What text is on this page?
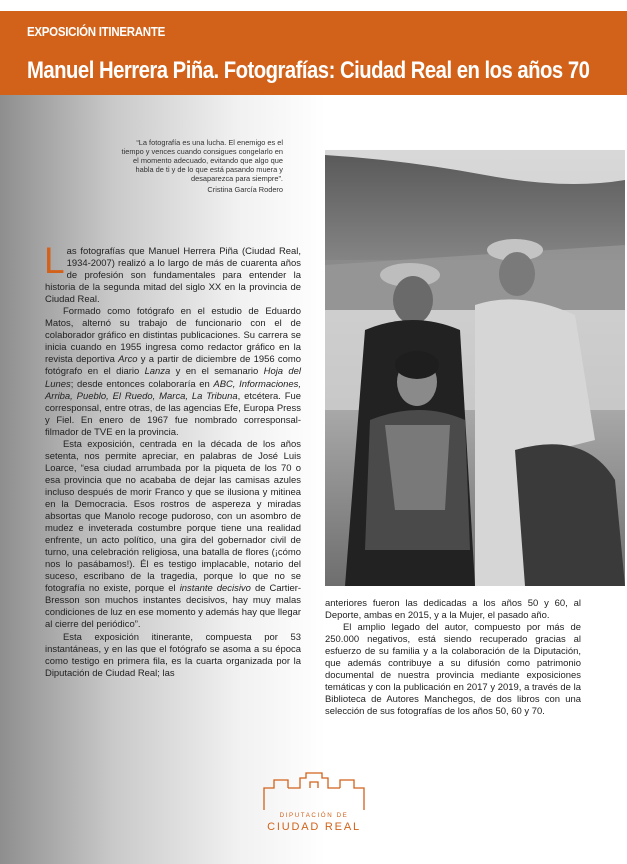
EXPOSICIÓN ITINERANTE
Manuel Herrera Piña. Fotografías: Ciudad Real en los años 70
“La fotografía es una lucha. El enemigo es el tiempo y vences cuando consigues congelarlo en el momento adecuado, evitando que algo que habla de ti y de lo que está pasando muera y desaparezca para siempre”.
Cristina García Rodero

Las fotografías que Manuel Herrera Piña (Ciudad Real, 1934-2007) realizó a lo largo de más de cuarenta años de profesión son fundamentales para entender la historia de la segunda mitad del siglo XX en la provincia de Ciudad Real.

Formado como fotógrafo en el estudio de Eduardo Matos, alternó su trabajo de funcionario con el de colaborador gráfico en distintas publicaciones. Su carrera se inicia cuando en 1955 ingresa como redactor gráfico en la revista deportiva Arco y a partir de diciembre de 1956 como fotógrafo en el diario Lanza y en el semanario Hoja del Lunes; desde entonces colaboraría en ABC, Informaciones, Arriba, Pueblo, El Ruedo, Marca, La Tribuna, etcétera. Fue corresponsal, entre otras, de las agencias Efe, Europa Press y Fiel. En enero de 1967 fue nombrado corresponsal-filmador de TVE en la provincia.

Esta exposición, centrada en la década de los años setenta, nos permite apreciar, en palabras de José Luis Loarce, “esa ciudad arrumbada por la piqueta de los 70 o esa provincia que no acababa de dejar las camisas azules incluso después de morir Franco y que se ilusiona y mitinea en la Democracia. Esos rostros de aspereza y miradas absortas que Manolo recoge pudoroso, con un asombro de mudez e inveterada costumbre porque tiene una realidad enfrente, un acto político, una gira del gobernador civil de turno, una celebración religiosa, una batalla de flores (¡cómo nos lo pasábamos!). Él es testigo implacable, notario del suceso, escribano de la tragedia, porque lo que no se fotografía no existe, porque el instante decisivo de Cartier-Bresson son muchos instantes decisivos, hay muy malas condiciones de luz en ese momento y además hay que llegar al cierre del periódico”.

Esta exposición itinerante, compuesta por 53 instantáneas, y en las que el fotógrafo se asoma a su época como testigo en primera fila, es la cuarta organizada por la Diputación de Ciudad Real; las

anteriores fueron las dedicadas a los años 50 y 60, al Deporte, ambas en 2015, y a la Mujer, el pasado año.

El amplio legado del autor, compuesto por más de 250.000 negativos, está siendo recuperado gracias al esfuerzo de su familia y a la colaboración de la Diputación, que además contribuye a su difusión como patrimonio documental de nuestra provincia mediante exposiciones temáticas y con la publicación en 2017 y 2019, a través de la Biblioteca de Autores Manchegos, de dos libros con una selección de sus fotografías de los años 50, 60 y 70.

DIPUTACIÓN DE
CIUDAD REAL
